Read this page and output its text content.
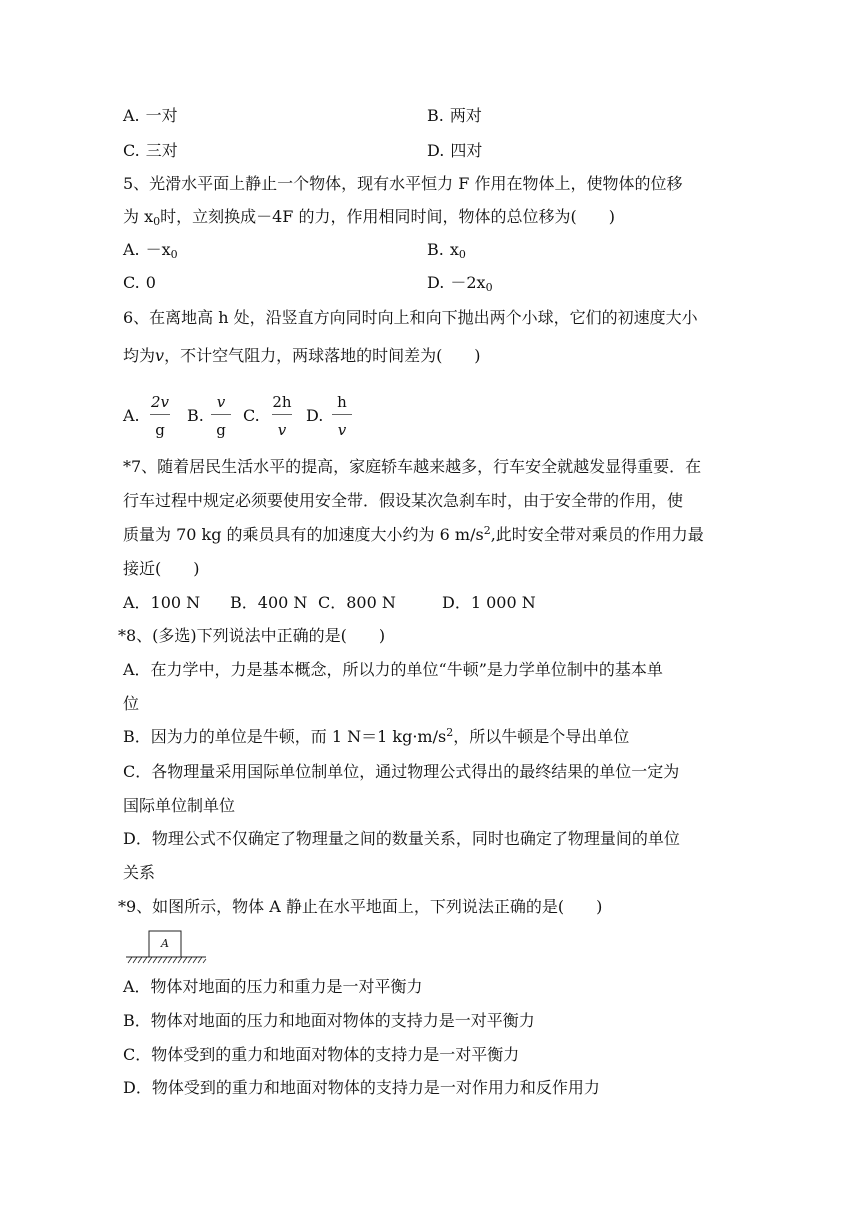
A. 一对	B. 两对
C. 三对	D. 四对
5、光滑水平面上静止一个物体，现有水平恒力 F 作用在物体上，使物体的位移
为 $x_0$时，立刻换成－4F 的力，作用相同时间，物体的总位移为(　　)
A. $-x_0$	B. $x_0$
C. 0	D. $-2x_0$
6、在离地高 h 处，沿竖直方向同时向上和向下抛出两个小球，它们的初速度大小
均为v，不计空气阻力，两球落地的时间差为(　　)
A.
2v
g
B.
v
g
C.
2h
v
D.
h
v
*7、随着居民生活水平的提高，家庭轿车越来越多，行车安全就越发显得重要．在
行车过程中规定必须要使用安全带．假设某次急刹车时，由于安全带的作用，使
质量为 70 kg 的乘员具有的加速度大小约为 6 $m/s^2$,此时安全带对乘员的作用力最
接近(　　)
A．100 N B．400 N C．800 N	D．1 000 N
*8、(多选)下列说法中正确的是(　　)
A．在力学中，力是基本概念，所以力的单位“牛顿”是力学单位制中的基本单
位
B．因为力的单位是牛顿，而 1 N＝1 $kg\cdot m/s^2$，所以牛顿是个导出单位
C．各物理量采用国际单位制单位，通过物理公式得出的最终结果的单位一定为
国际单位制单位
D．物理公式不仅确定了物理量之间的数量关系，同时也确定了物理量间的单位
关系
*9、如图所示，物体 A 静止在水平地面上，下列说法正确的是(　　)
A
A．物体对地面的压力和重力是一对平衡力
B．物体对地面的压力和地面对物体的支持力是一对平衡力
C．物体受到的重力和地面对物体的支持力是一对平衡力
D．物体受到的重力和地面对物体的支持力是一对作用力和反作用力
